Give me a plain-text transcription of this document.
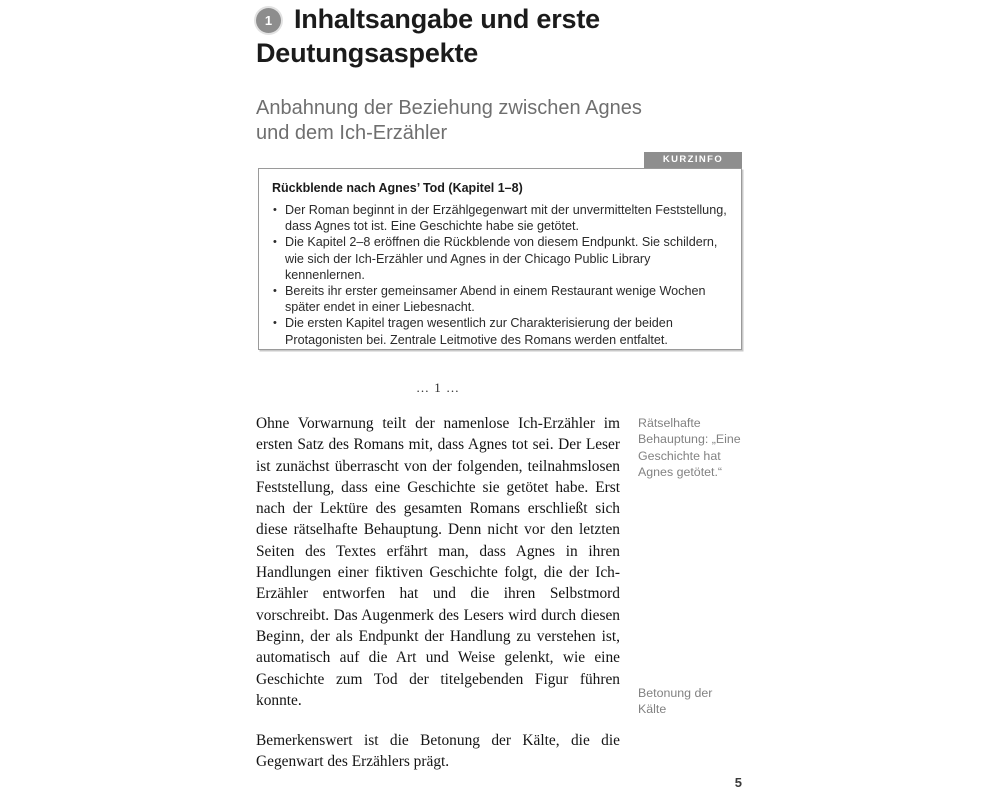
1 Inhaltsangabe und erste Deutungsaspekte
Anbahnung der Beziehung zwischen Agnes und dem Ich-Erzähler
KURZINFO

Rückblende nach Agnes’ Tod (Kapitel 1–8)

• Der Roman beginnt in der Erzählgegenwart mit der unvermittelten Feststellung, dass Agnes tot ist. Eine Geschichte habe sie getötet.
• Die Kapitel 2–8 eröffnen die Rückblende von diesem Endpunkt. Sie schildern, wie sich der Ich-Erzähler und Agnes in der Chicago Public Library kennenlernen.
• Bereits ihr erster gemeinsamer Abend in einem Restaurant wenige Wochen später endet in einer Liebesnacht.
• Die ersten Kapitel tragen wesentlich zur Charakterisierung der beiden Protagonisten bei. Zentrale Leitmotive des Romans werden entfaltet.
… 1 …

Ohne Vorwarnung teilt der namenlose Ich-Erzähler im ersten Satz des Romans mit, dass Agnes tot sei. Der Leser ist zunächst überrascht von der folgenden, teilnahmslosen Feststellung, dass eine Geschichte sie getötet habe. Erst nach der Lektüre des gesamten Romans erschließt sich diese rätselhafte Behauptung. Denn nicht vor den letzten Seiten des Textes erfährt man, dass Agnes in ihren Handlungen einer fiktiven Geschichte folgt, die der Ich-Erzähler entworfen hat und die ihren Selbstmord vorschreibt. Das Augenmerk des Lesers wird durch diesen Beginn, der als Endpunkt der Handlung zu verstehen ist, automatisch auf die Art und Weise gelenkt, wie eine Geschichte zum Tod der titelgebenden Figur führen konnte.

Bemerkenswert ist die Betonung der Kälte, die die Gegenwart des Erzählers prägt.

Rätselhafte Behauptung: „Eine Geschichte hat Agnes getötet.“
Betonung der Kälte
5
